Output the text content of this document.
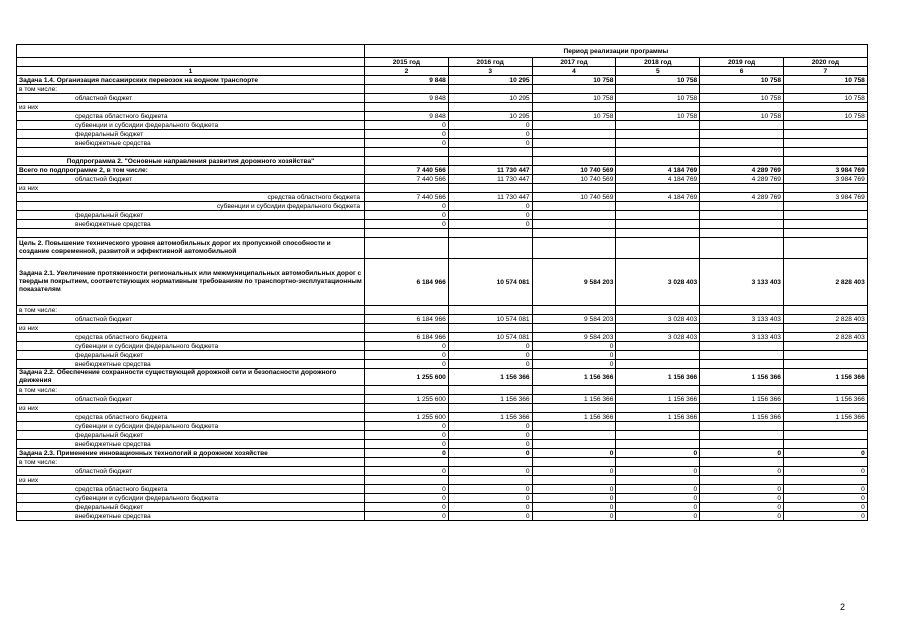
	Период реализации программы					
	2015 год	2016 год	2017 год	2018 год	2019 год	2020 год
1	2	3	4	5	6	7
Задача 1.4. Организация пассажирских перевозок на водном транспорте	9 848	10 295	10 758	10 758	10 758	10 758
в том числе:						
областной бюджет	9 848	10 295	10 758	10 758	10 758	10 758
из них						
средства областного бюджета	9 848	10 295	10 758	10 758	10 758	10 758
субвенции и субсидии федерального бюджета	0	0				
федеральный бюджет	0	0				
внебюджетные средства	0	0				

Подпрограмма 2. "Основные направления развития дорожного хозяйства"						
Всего по подпрограмме 2, в том числе:	7 440 566	11 730 447	10 740 569	4 184 769	4 289 769	3 984 769
областной бюджет	7 440 566	11 730 447	10 740 569	4 184 769	4 289 769	3 984 769
из них						
средства областного бюджета	7 440 566	11 730 447	10 740 569	4 184 769	4 289 769	3 984 769
субвенции и субсидии федерального бюджета	0	0				
федеральный бюджет	0	0				
внебюджетные средства	0	0				

Цель 2. Повышение технического уровня автомобильных дорог их пропускной способности и создание современной, развитой и эффективной автомобильной						
Задача 2.1. Увеличение протяженности региональных или межмуниципальных автомобильных дорог с твердым покрытием, соответствующих нормативным требованиям по транспортно-эксплуатационным показателям	6 184 966	10 574 081	9 584 203	3 028 403	3 133 403	2 828 403
в том числе:						
областной бюджет	6 184 966	10 574 081	9 584 203	3 028 403	3 133 403	2 828 403
из них						
средства областного бюджета	6 184 966	10 574 081	9 584 203	3 028 403	3 133 403	2 828 403
субвенции и субсидии федерального бюджета	0	0	0			
федеральный бюджет	0	0	0			
внебюджетные средства	0	0	0			
Задача 2.2. Обеспечение сохранности существующей дорожной сети и безопасности дорожного движения	1 255 600	1 156 366	1 156 366	1 156 366	1 156 366	1 156 366
в том числе:						
областной бюджет	1 255 600	1 156 366	1 156 366	1 156 366	1 156 366	1 156 366
из них						
средства областного бюджета	1 255 600	1 156 366	1 156 366	1 156 366	1 156 366	1 156 366
субвенции и субсидии федерального бюджета	0	0				
федеральный бюджет	0	0				
внебюджетные средства	0	0				
Задача 2.3. Применение инновационных технологий в дорожном хозяйстве	0	0	0	0	0	0
в том числе:						
областной бюджет	0	0	0	0	0	0
из них						
средства областного бюджета	0	0	0	0	0	0
субвенции и субсидии федерального бюджета	0	0	0	0	0	0
федеральный бюджет	0	0	0	0	0	0
внебюджетные средства	0	0	0	0	0	0
2
